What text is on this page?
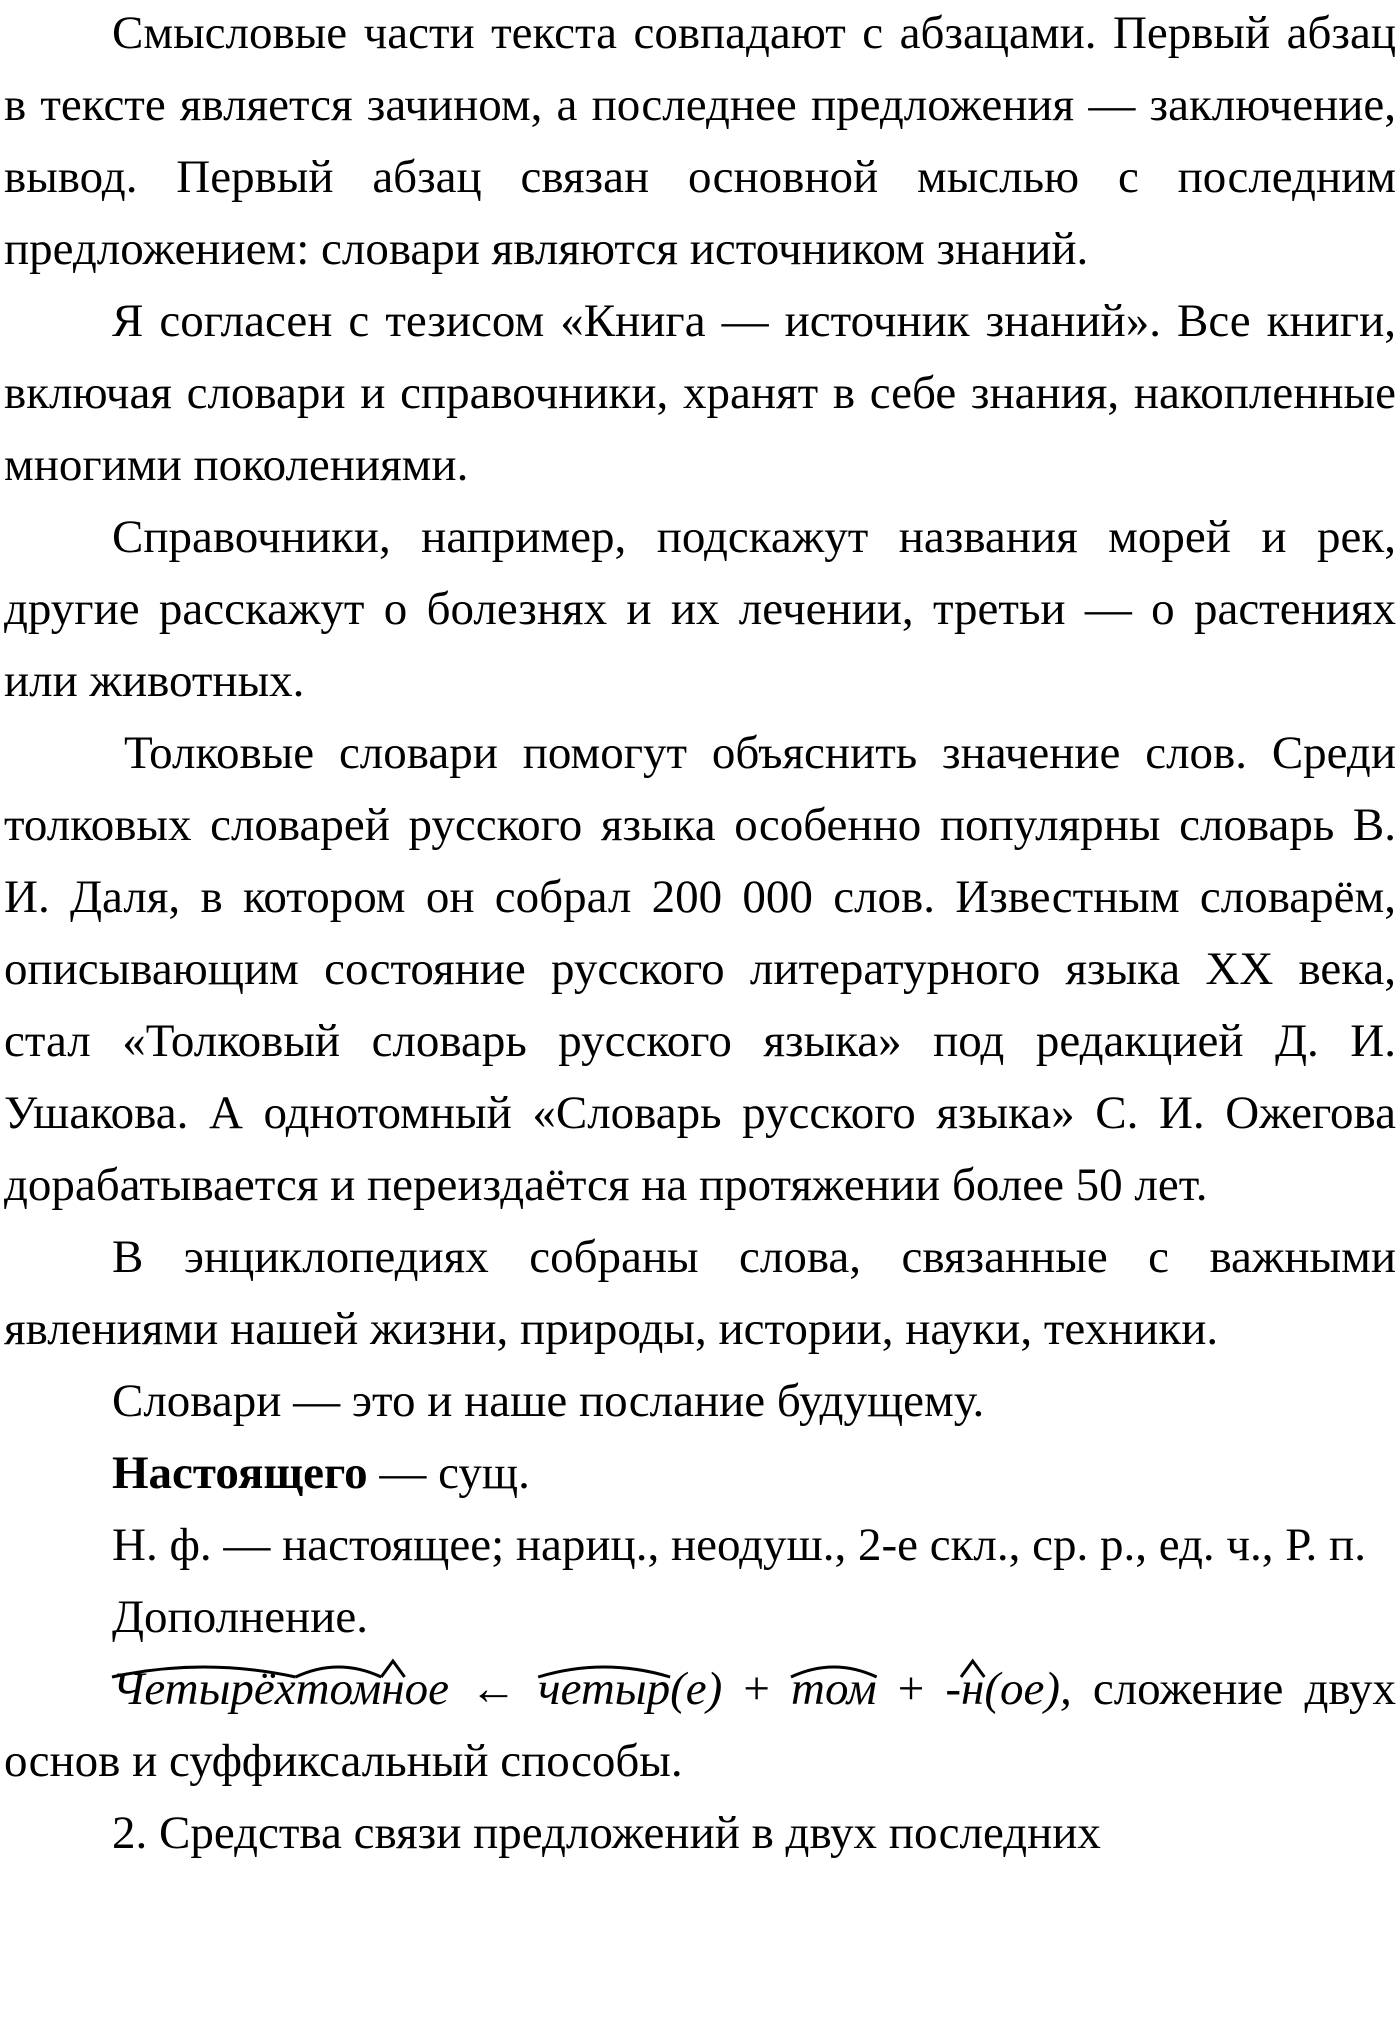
Смысловые части текста совпадают с абзацами. Первый абзац в тексте является зачином, а последнее предложения — заключение, вывод. Первый абзац связан основной мыслью с последним предложением: словари являются источником знаний.

Я согласен с тезисом «Книга — источник знаний». Все книги, включая словари и справочники, хранят в себе знания, накопленные многими поколениями.

Справочники, например, подскажут названия морей и рек, другие расскажут о болезнях и их лечении, третьи — о растениях или животных.

Толковые словари помогут объяснить значение слов. Среди толковых словарей русского языка особенно популярны словарь В. И. Даля, в котором он собрал 200 000 слов. Известным словарём, описывающим состояние русского литературного языка XX века, стал «Толковый словарь русского языка» под редакцией Д. И. Ушакова. А однотомный «Словарь русского языка» С. И. Ожегова дорабатывается и переиздаётся на протяжении более 50 лет.

В энциклопедиях собраны слова, связанные с важными явлениями нашей жизни, природы, истории, науки, техники.

Словари — это и наше послание будущему.

Настоящего — сущ.

Н. ф. — настоящее; нариц., неодуш., 2-е скл., ср. р., ед. ч., Р. п.

Дополнение.

Четырёхтомное ← четыр(е) + том + -н(ое), сложение двух основ и суффиксальный способы.

2. Средства связи предложений в двух последних
